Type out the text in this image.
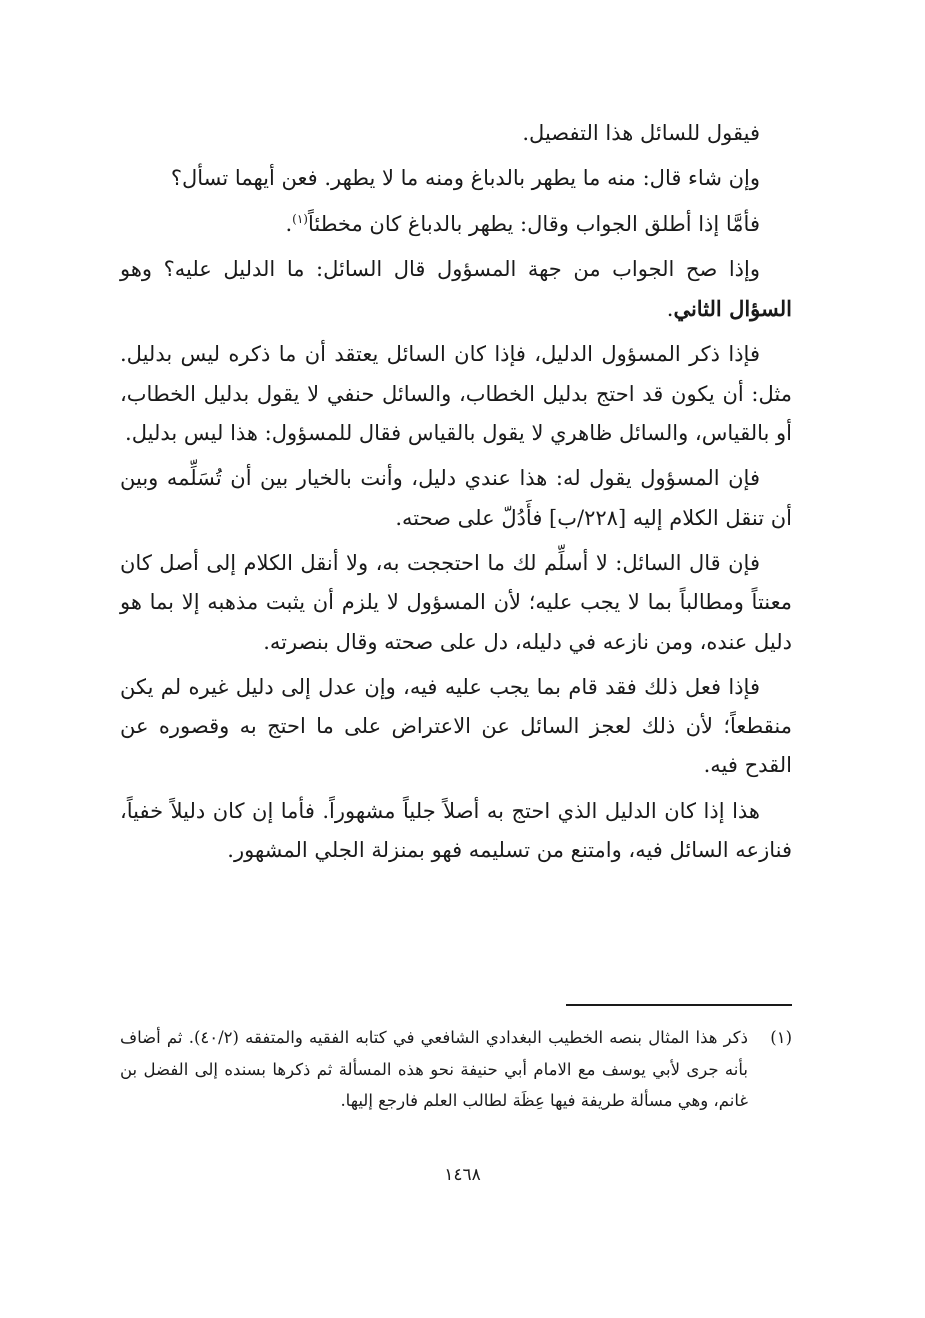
فيقول للسائل هذا التفصيل.

وإن شاء قال: منه ما يطهر بالدباغ ومنه ما لا يطهر. فعن أيهما تسأل؟

فأمَّا إذا أطلق الجواب وقال: يطهر بالدباغ كان مخطئاً$^{(١)}$.

وإذا صح الجواب من جهة المسؤول قال السائل: ما الدليل عليه؟ وهو السؤال الثاني.

فإذا ذكر المسؤول الدليل، فإذا كان السائل يعتقد أن ما ذكره ليس بدليل. مثل: أن يكون قد احتج بدليل الخطاب، والسائل حنفي لا يقول بدليل الخطاب، أو بالقياس، والسائل ظاهري لا يقول بالقياس فقال للمسؤول: هذا ليس بدليل.

فإن المسؤول يقول له: هذا عندي دليل، وأنت بالخيار بين أن تُسَلِّمه وبين أن تنقل الكلام إليه [٢٢٨/ب] فأَدُلّ على صحته.

فإن قال السائل: لا أسلِّم لك ما احتججت به، ولا أنقل الكلام إلى أصل كان معنتاً ومطالباً بما لا يجب عليه؛ لأن المسؤول لا يلزم أن يثبت مذهبه إلا بما هو دليل عنده، ومن نازعه في دليله، دل على صحته وقال بنصرته.

فإذا فعل ذلك فقد قام بما يجب عليه فيه، وإن عدل إلى دليل غيره لم يكن منقطعاً؛ لأن ذلك لعجز السائل عن الاعتراض على ما احتج به وقصوره عن القدح فيه.

هذا إذا كان الدليل الذي احتج به أصلاً جلياً مشهوراً. فأما إن كان دليلاً خفياً، فنازعه السائل فيه، وامتنع من تسليمه فهو بمنزلة الجلي المشهور.

(١)
ذكر هذا المثال بنصه الخطيب البغدادي الشافعي في كتابه الفقيه والمتفقه (٤٠/٢). ثم أضاف بأنه جرى لأبي يوسف مع الامام أبي حنيفة نحو هذه المسألة ثم ذكرها بسنده إلى الفضل بن غانم، وهي مسألة طريفة فيها عِظَة لطالب العلم فارجع إليها.
١٤٦٨
